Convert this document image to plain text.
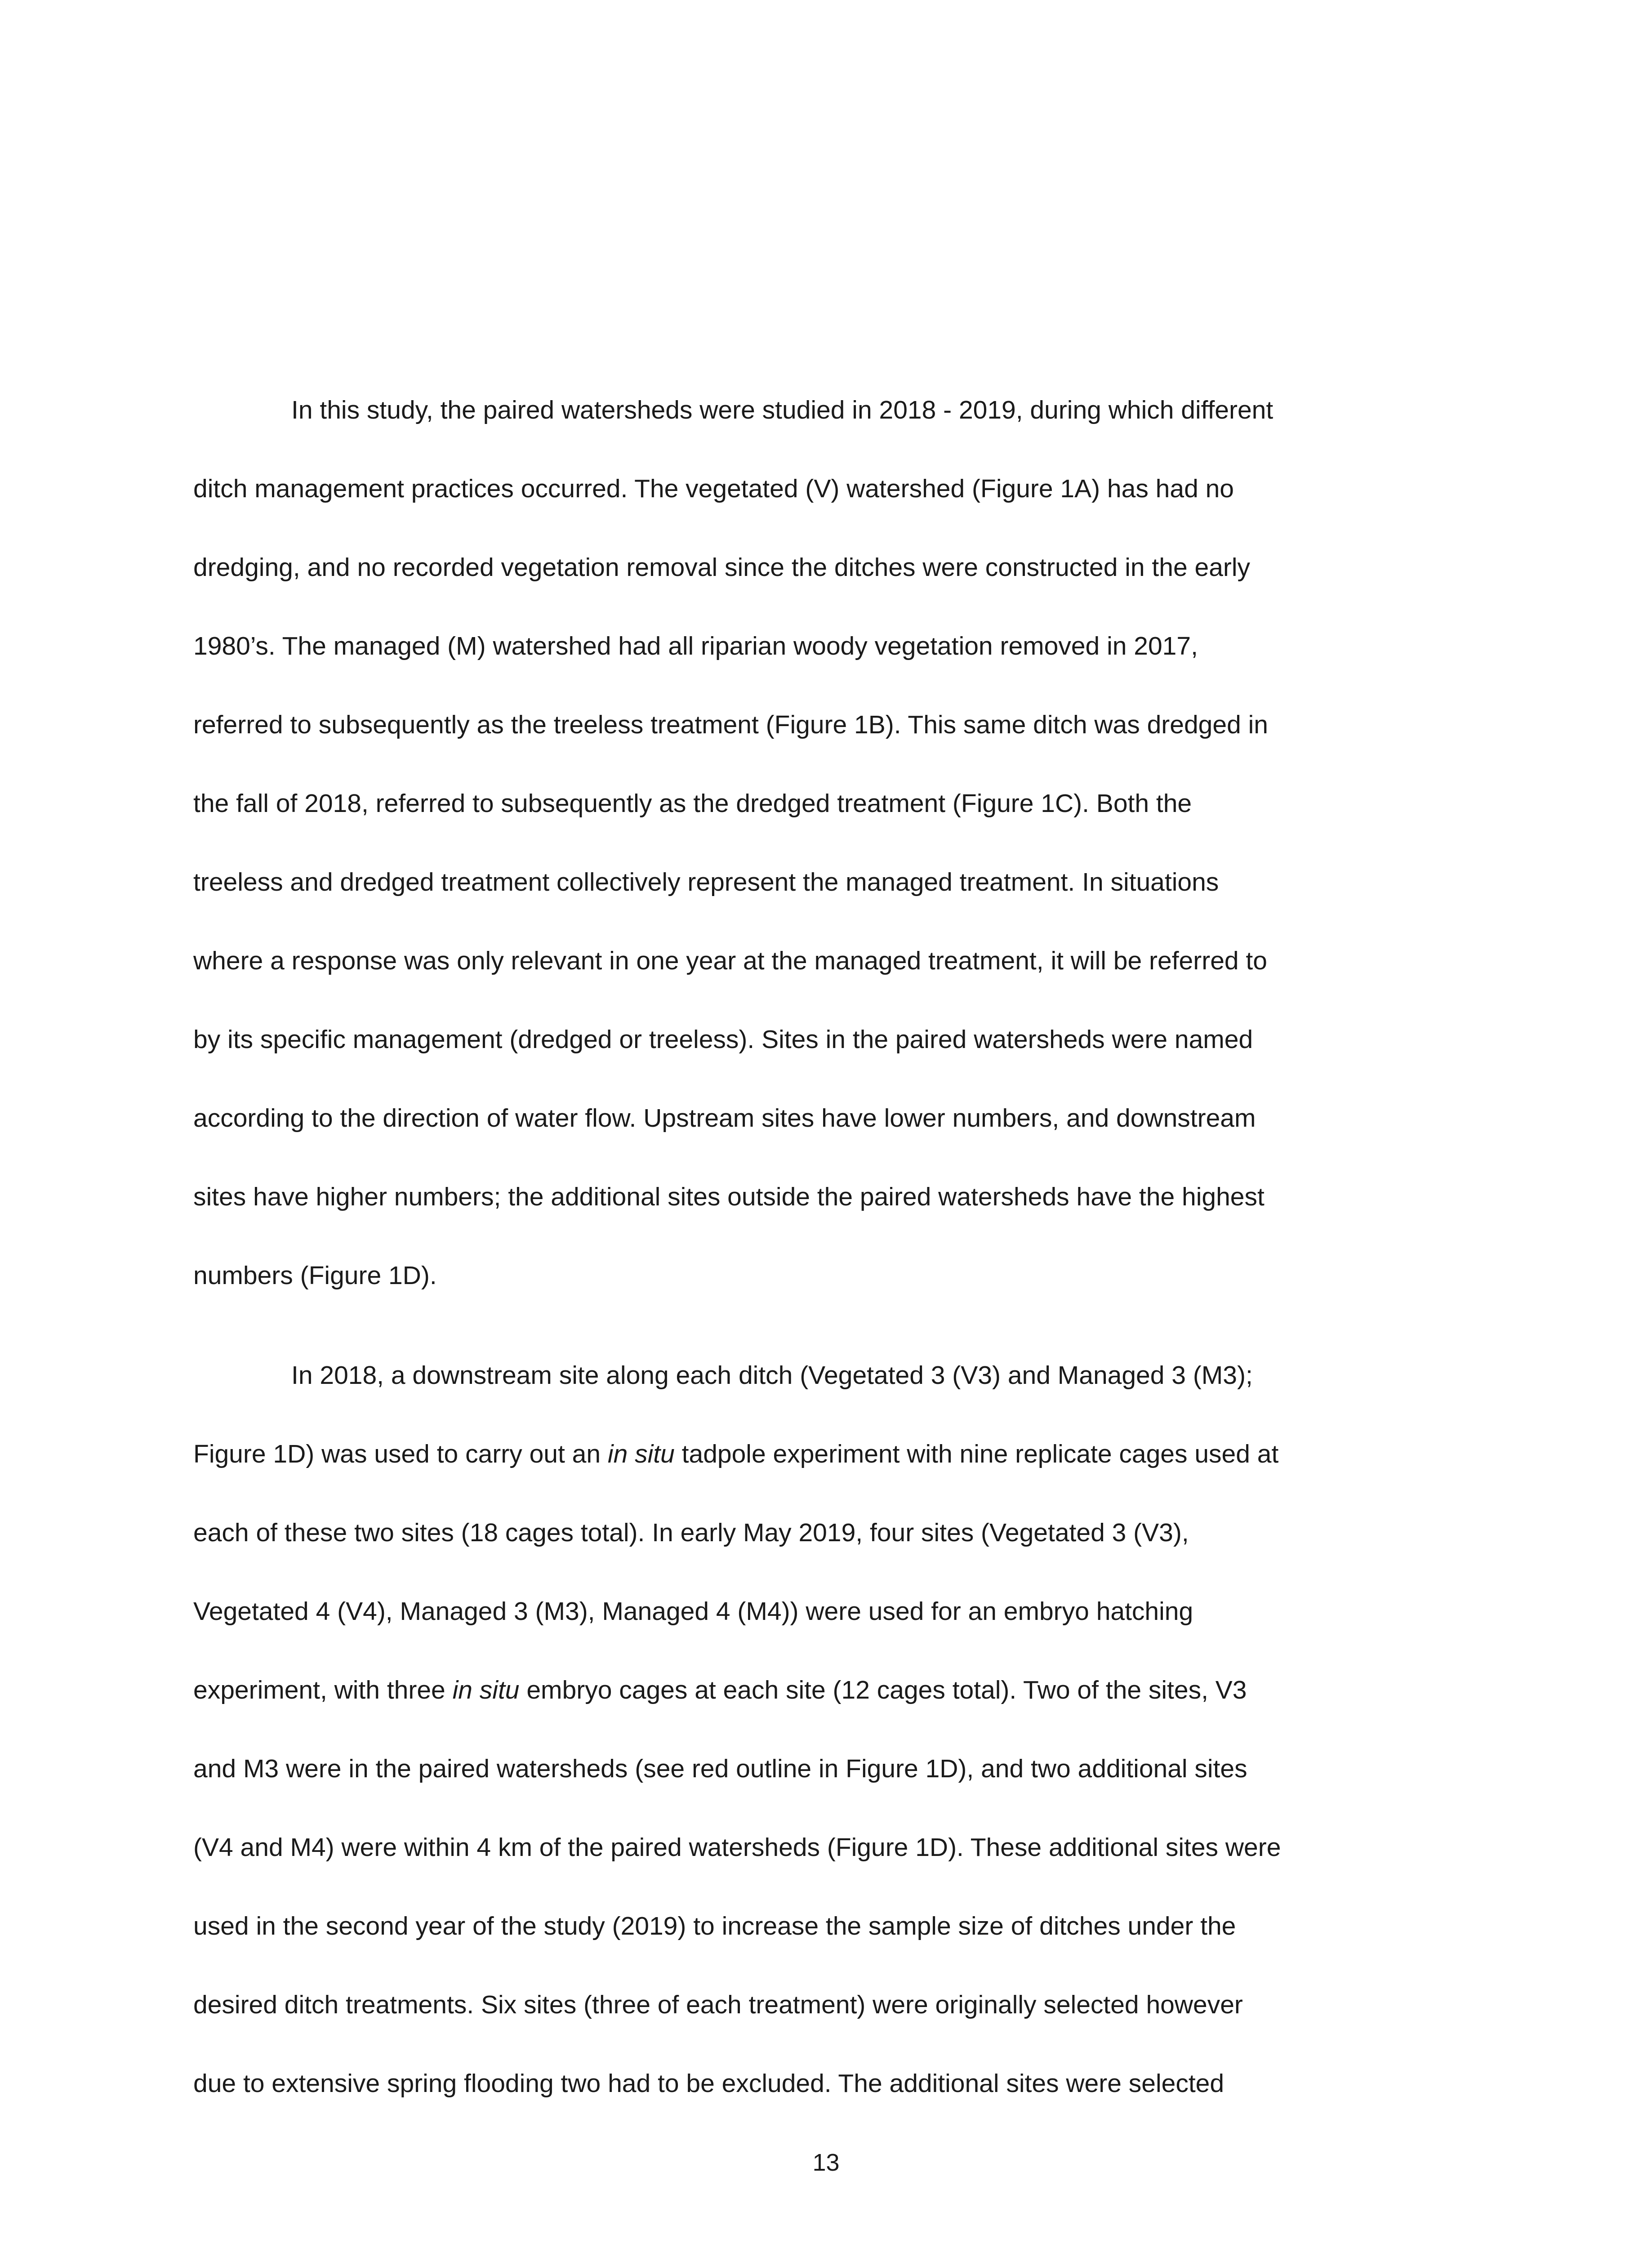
In this study, the paired watersheds were studied in 2018 - 2019, during which different
ditch management practices occurred. The vegetated (V) watershed (Figure 1A) has had no
dredging, and no recorded vegetation removal since the ditches were constructed in the early
1980’s. The managed (M) watershed had all riparian woody vegetation removed in 2017,
referred to subsequently as the treeless treatment (Figure 1B). This same ditch was dredged in
the fall of 2018, referred to subsequently as the dredged treatment (Figure 1C). Both the
treeless and dredged treatment collectively represent the managed treatment. In situations
where a response was only relevant in one year at the managed treatment, it will be referred to
by its specific management (dredged or treeless). Sites in the paired watersheds were named
according to the direction of water flow. Upstream sites have lower numbers, and downstream
sites have higher numbers; the additional sites outside the paired watersheds have the highest
numbers (Figure 1D).
In 2018, a downstream site along each ditch (Vegetated 3 (V3) and Managed 3 (M3);
Figure 1D) was used to carry out an in situ tadpole experiment with nine replicate cages used at
each of these two sites (18 cages total). In early May 2019, four sites (Vegetated 3 (V3),
Vegetated 4 (V4), Managed 3 (M3), Managed 4 (M4)) were used for an embryo hatching
experiment, with three in situ embryo cages at each site (12 cages total). Two of the sites, V3
and M3 were in the paired watersheds (see red outline in Figure 1D), and two additional sites
(V4 and M4) were within 4 km of the paired watersheds (Figure 1D). These additional sites were
used in the second year of the study (2019) to increase the sample size of ditches under the
desired ditch treatments. Six sites (three of each treatment) were originally selected however
due to extensive spring flooding two had to be excluded. The additional sites were selected
13
